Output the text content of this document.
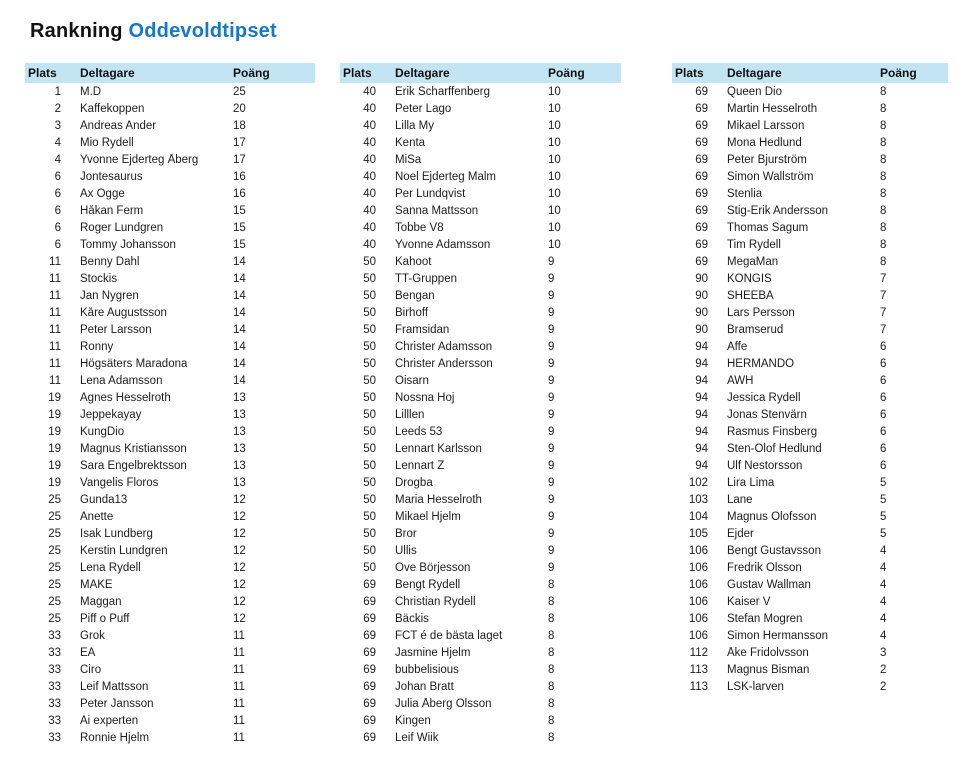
Rankning Oddevoldtipset
Plats	Deltagare	Poäng
1 M.D	25
2 Kaffekoppen	20
3 Andreas Ander	18
4 Mio Rydell	17
4 Yvonne Ejderteg Åberg	17
6 Jontesaurus	16
6 Ax Ogge	16
6 Håkan Ferm	15
6 Roger Lundgren	15
6 Tommy Johansson	15
11 Benny Dahl	14
11 Stockis	14
11 Jan Nygren	14
11 Kåre Augustsson	14
11 Peter Larsson	14
11 Ronny	14
11 Högsäters Maradona	14
11 Lena Adamsson	14
19 Agnes Hesselroth	13
19 Jeppekayay	13
19 KungDio	13
19 Magnus Kristiansson	13
19 Sara Engelbrektsson	13
19 Vangelis Floros	13
25 Gunda13	12
25 Anette	12
25 Isak Lundberg	12
25 Kerstin Lundgren	12
25 Lena Rydell	12
25 MAKE	12
25 Maggan	12
25 Piff o Puff	12
33 Grok	11
33 EA	11
33 Ciro	11
33 Leif Mattsson	11
33 Peter Jansson	11
33 Ai experten	11
33 Ronnie Hjelm	11
Plats	Deltagare	Poäng
40 Erik Scharffenberg	10
40 Peter Lago	10
40 Lilla My	10
40 Kenta	10
40 MiSa	10
40 Noel Ejderteg Malm	10
40 Per Lundqvist	10
40 Sanna Mattsson	10
40 Tobbe V8	10
40 Yvonne Adamsson	10
50 Kahoot	9
50 TT-Gruppen	9
50 Bengan	9
50 Birhoff	9
50 Framsidan	9
50 Christer Adamsson	9
50 Christer Andersson	9
50 Öisarn	9
50 Nossna Hoj	9
50 Lilllen	9
50 Leeds 53	9
50 Lennart Karlsson	9
50 Lennart Z	9
50 Drogba	9
50 Maria Hesselroth	9
50 Mikael Hjelm	9
50 Bror	9
50 Ullis	9
50 Ove Börjesson	9
69 Bengt Rydell	8
69 Christian Rydell	8
69 Bäckis	8
69 FCT é de bästa laget	8
69 Jasmine Hjelm	8
69 bubbelisious	8
69 Johan Bratt	8
69 Julia Åberg Olsson	8
69 Kingen	8
69 Leif Wiik	8
Plats	Deltagare	Poäng
69 Queen Dio	8
69 Martin Hesselroth	8
69 Mikael Larsson	8
69 Mona Hedlund	8
69 Peter Bjurström	8
69 Simon Wallström	8
69 Stenlia	8
69 Stig-Erik Andersson	8
69 Thomas Sagum	8
69 Tim Rydell	8
69 MegaMan	8
90 KONGIS	7
90 SHEEBA	7
90 Lars Persson	7
90 Bramserud	7
94 Affe	6
94 HERMANDO	6
94 AWH	6
94 Jessica Rydell	6
94 Jonas Stenvärn	6
94 Rasmus Finsberg	6
94 Sten-Olof Hedlund	6
94 Ulf Nestorsson	6
102 Lira Lima	5
103 Lane	5
104 Magnus Olofsson	5
105 Ejder	5
106 Bengt Gustavsson	4
106 Fredrik Olsson	4
106 Gustav Wallman	4
106 Kaiser V	4
106 Stefan Mogren	4
106 Simon Hermansson	4
112 Åke Fridolvsson	3
113 Magnus Bisman	2
113 LSK-larven	2
